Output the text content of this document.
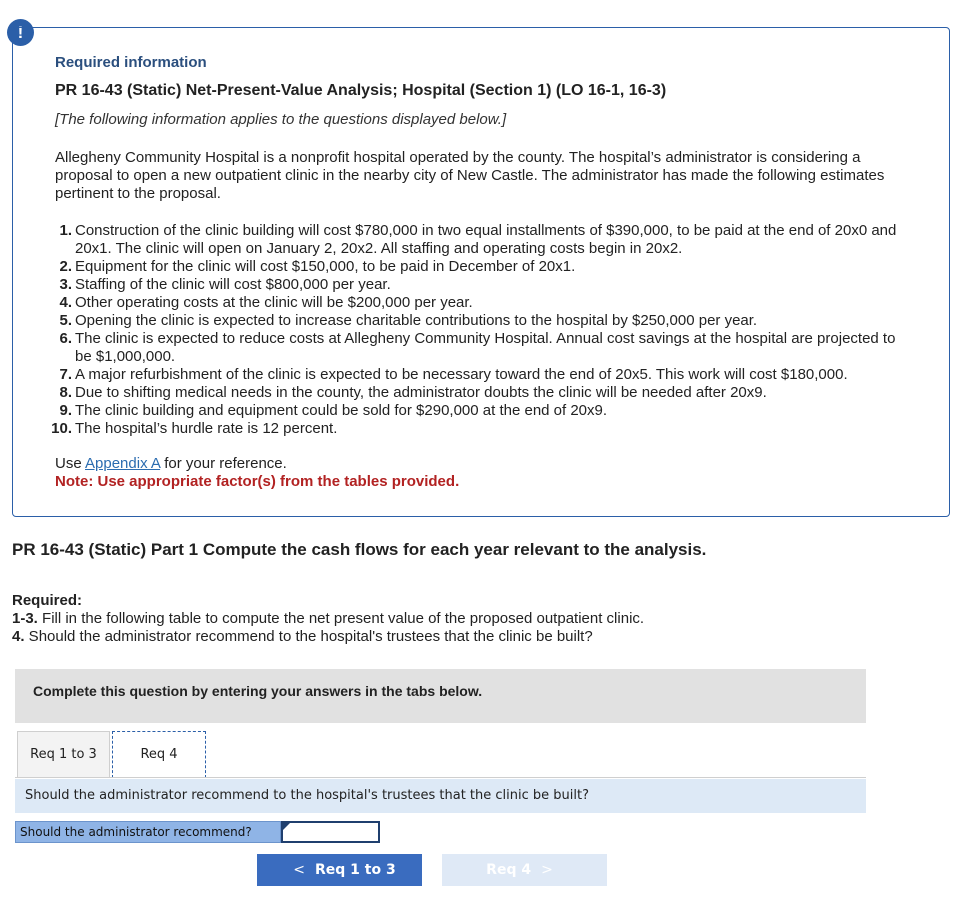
!
Required information
PR 16-43 (Static) Net-Present-Value Analysis; Hospital (Section 1) (LO 16-1, 16-3)
[The following information applies to the questions displayed below.]
Allegheny Community Hospital is a nonprofit hospital operated by the county. The hospital’s administrator is considering a proposal to open a new outpatient clinic in the nearby city of New Castle. The administrator has made the following estimates pertinent to the proposal.
1. Construction of the clinic building will cost $780,000 in two equal installments of $390,000, to be paid at the end of 20x0 and 20x1. The clinic will open on January 2, 20x2. All staffing and operating costs begin in 20x2.
2. Equipment for the clinic will cost $150,000, to be paid in December of 20x1.
3. Staffing of the clinic will cost $800,000 per year.
4. Other operating costs at the clinic will be $200,000 per year.
5. Opening the clinic is expected to increase charitable contributions to the hospital by $250,000 per year.
6. The clinic is expected to reduce costs at Allegheny Community Hospital. Annual cost savings at the hospital are projected to be $1,000,000.
7. A major refurbishment of the clinic is expected to be necessary toward the end of 20x5. This work will cost $180,000.
8. Due to shifting medical needs in the county, the administrator doubts the clinic will be needed after 20x9.
9. The clinic building and equipment could be sold for $290,000 at the end of 20x9.
10. The hospital’s hurdle rate is 12 percent.
Use Appendix A for your reference.
Note: Use appropriate factor(s) from the tables provided.
PR 16-43 (Static) Part 1 Compute the cash flows for each year relevant to the analysis.
Required:
1-3. Fill in the following table to compute the net present value of the proposed outpatient clinic.
4. Should the administrator recommend to the hospital's trustees that the clinic be built?
Complete this question by entering your answers in the tabs below.
Req 1 to 3	Req 4
Should the administrator recommend to the hospital's trustees that the clinic be built?
Should the administrator recommend?
< Req 1 to 3	Req 4 >
